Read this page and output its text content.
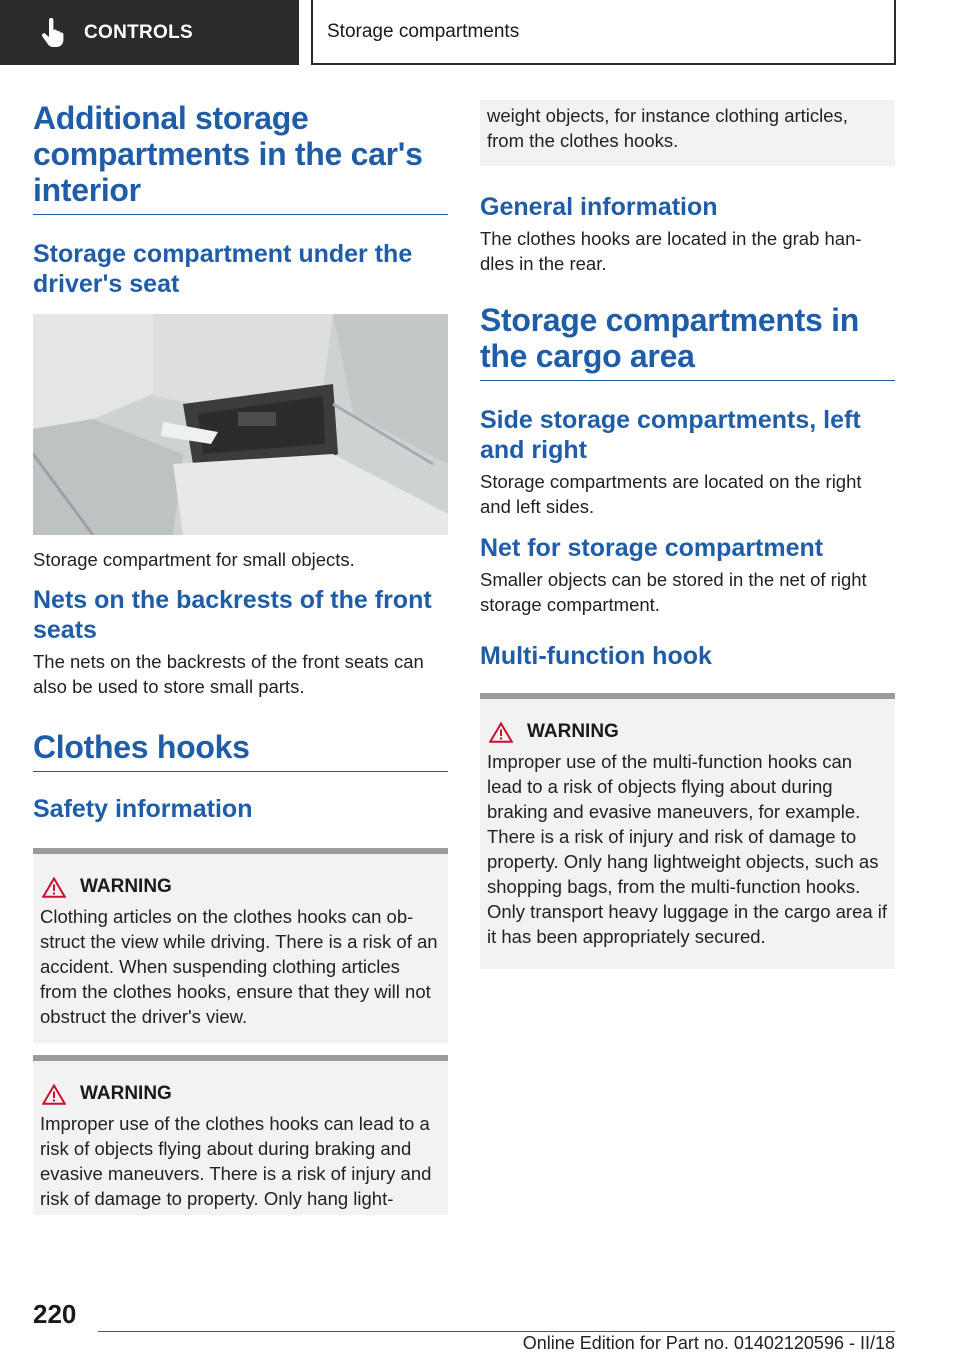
CONTROLS	Storage compartments
Additional storage compartments in the car's interior
Storage compartment under the driver's seat
Storage compartment for small objects.
Nets on the backrests of the front seats
The nets on the backrests of the front seats can also be used to store small parts.
Clothes hooks
Safety information
WARNING
Clothing articles on the clothes hooks can ob-struct the view while driving. There is a risk of an accident. When suspending clothing articles from the clothes hooks, ensure that they will not obstruct the driver's view.
WARNING
Improper use of the clothes hooks can lead to a risk of objects flying about during braking and evasive maneuvers. There is a risk of injury and risk of damage to property. Only hang light-
weight objects, for instance clothing articles, from the clothes hooks.
General information
The clothes hooks are located in the grab han-dles in the rear.
Storage compartments in the cargo area
Side storage compartments, left and right
Storage compartments are located on the right and left sides.
Net for storage compartment
Smaller objects can be stored in the net of right storage compartment.
Multi-function hook
WARNING
Improper use of the multi-function hooks can lead to a risk of objects flying about during braking and evasive maneuvers, for example. There is a risk of injury and risk of damage to property. Only hang lightweight objects, such as shopping bags, from the multi-function hooks. Only transport heavy luggage in the cargo area if it has been appropriately secured.
220
Online Edition for Part no. 01402120596 - II/18
